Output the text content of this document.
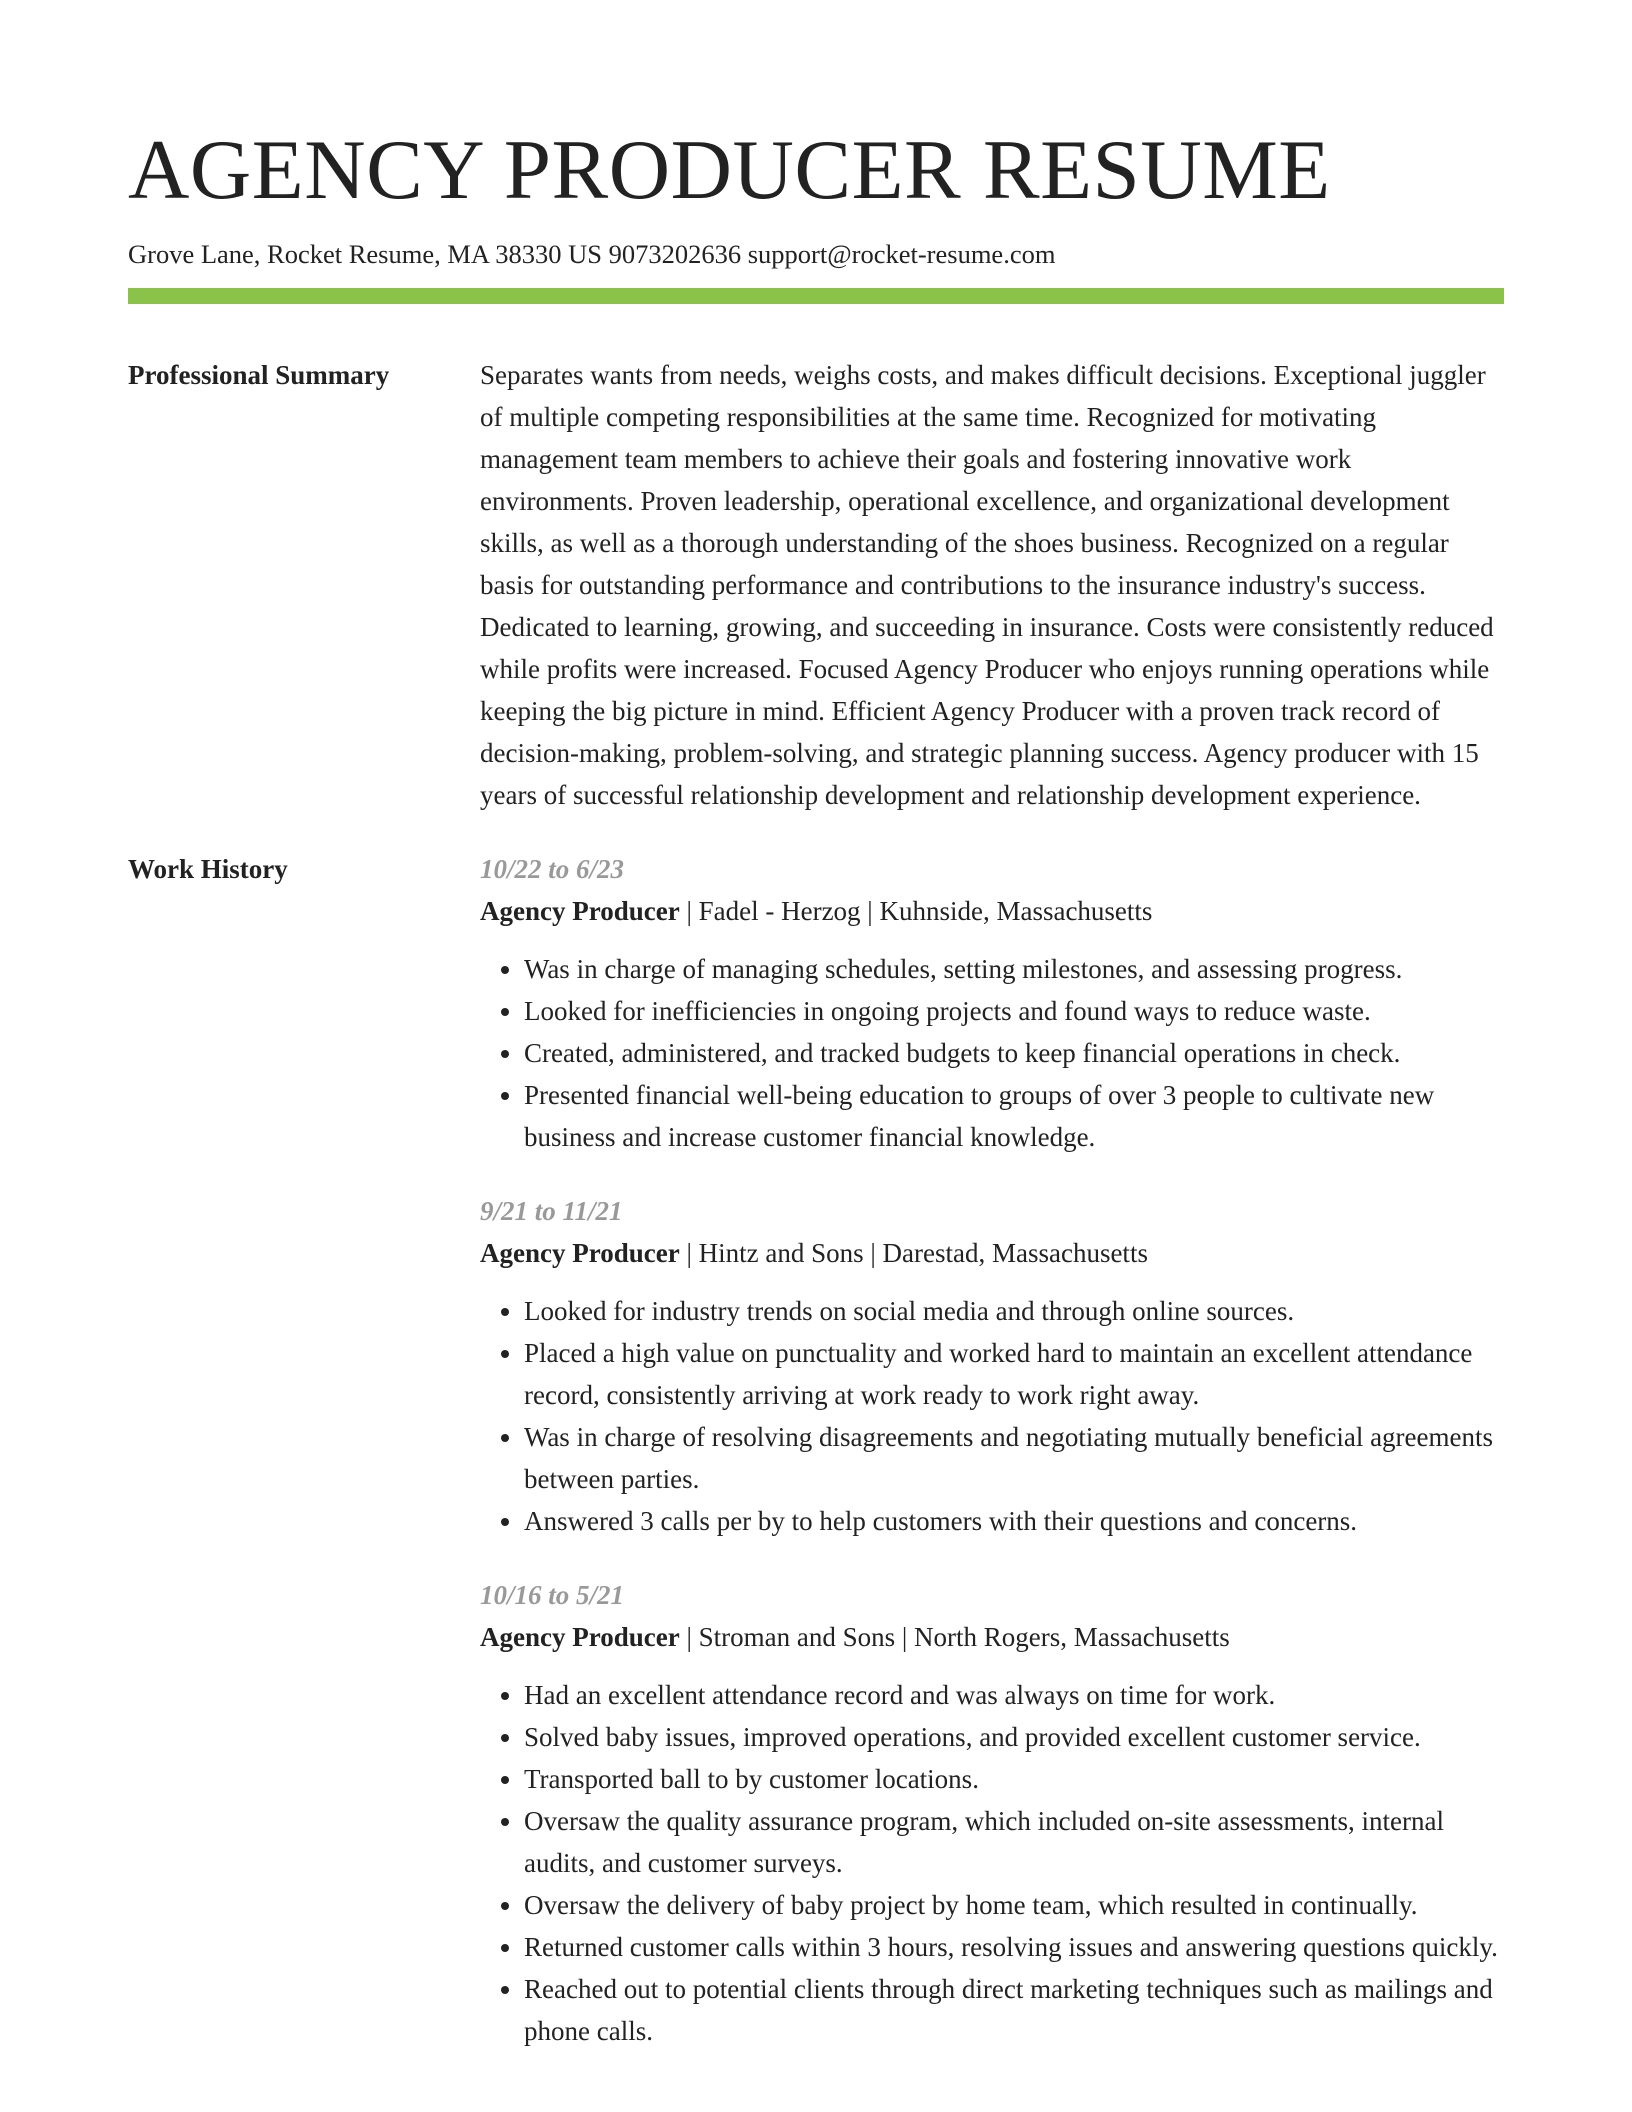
AGENCY PRODUCER RESUME
Grove Lane, Rocket Resume, MA 38330 US 9073202636 support@rocket-resume.com
Professional Summary	Separates wants from needs, weighs costs, and makes difficult decisions. Exceptional juggler of multiple competing responsibilities at the same time. Recognized for motivating management team members to achieve their goals and fostering innovative work environments. Proven leadership, operational excellence, and organizational development skills, as well as a thorough understanding of the shoes business. Recognized on a regular basis for outstanding performance and contributions to the insurance industry's success. Dedicated to learning, growing, and succeeding in insurance. Costs were consistently reduced while profits were increased. Focused Agency Producer who enjoys running operations while keeping the big picture in mind. Efficient Agency Producer with a proven track record of decision-making, problem-solving, and strategic planning success. Agency producer with 15 years of successful relationship development and relationship development experience.

Work History	10/22 to 6/23
Agency Producer | Fadel - Herzog | Kuhnside, Massachusetts
• Was in charge of managing schedules, setting milestones, and assessing progress.
• Looked for inefficiencies in ongoing projects and found ways to reduce waste.
• Created, administered, and tracked budgets to keep financial operations in check.
• Presented financial well-being education to groups of over 3 people to cultivate new business and increase customer financial knowledge.
9/21 to 11/21
Agency Producer | Hintz and Sons | Darestad, Massachusetts
• Looked for industry trends on social media and through online sources.
• Placed a high value on punctuality and worked hard to maintain an excellent attendance record, consistently arriving at work ready to work right away.
• Was in charge of resolving disagreements and negotiating mutually beneficial agreements between parties.
• Answered 3 calls per by to help customers with their questions and concerns.
10/16 to 5/21
Agency Producer | Stroman and Sons | North Rogers, Massachusetts
• Had an excellent attendance record and was always on time for work.
• Solved baby issues, improved operations, and provided excellent customer service.
• Transported ball to by customer locations.
• Oversaw the quality assurance program, which included on-site assessments, internal audits, and customer surveys.
• Oversaw the delivery of baby project by home team, which resulted in continually.
• Returned customer calls within 3 hours, resolving issues and answering questions quickly.
• Reached out to potential clients through direct marketing techniques such as mailings and phone calls.
